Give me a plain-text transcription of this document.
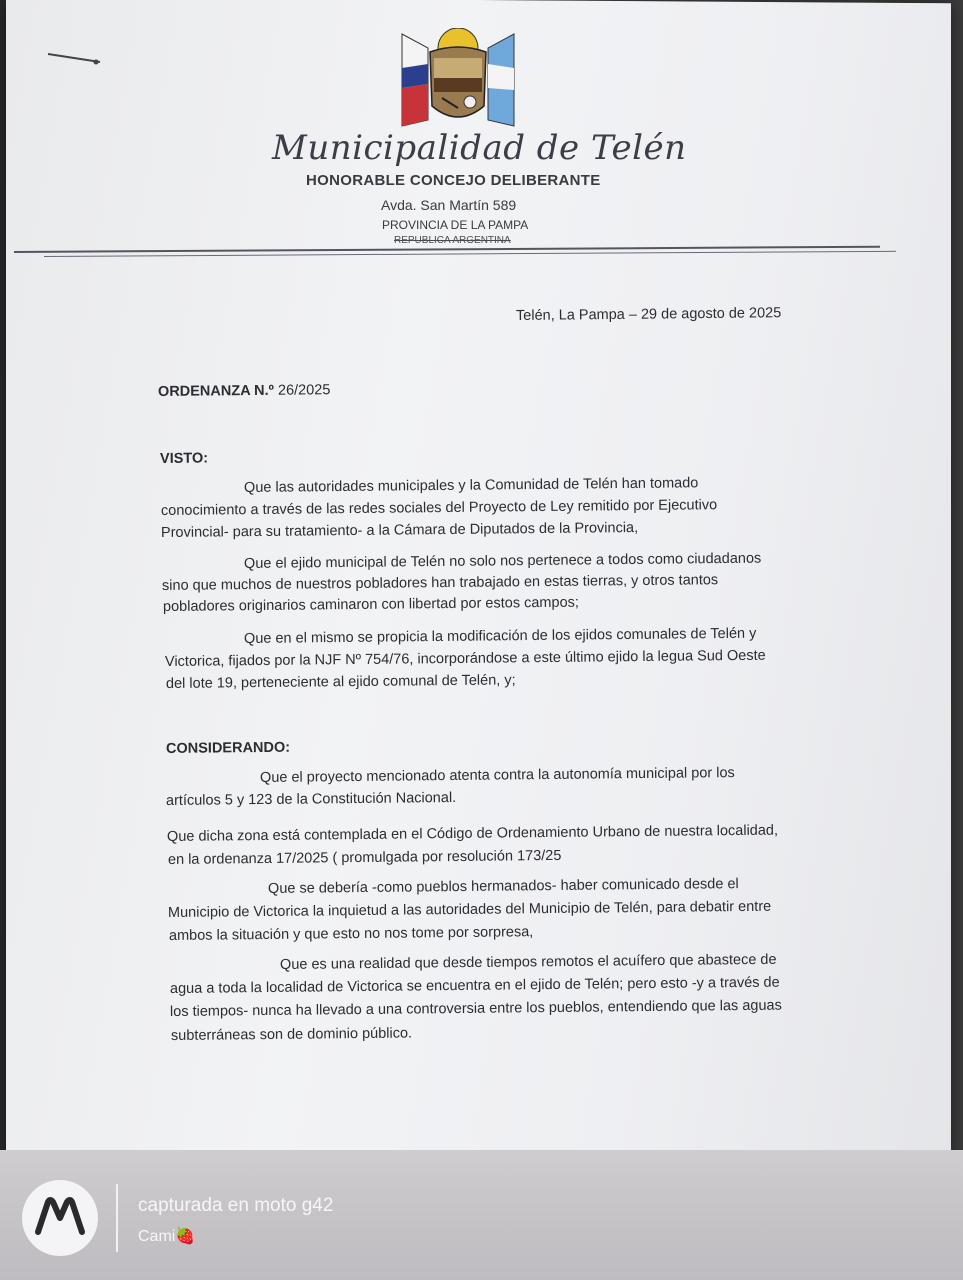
Municipalidad de Telén
HONORABLE CONCEJO DELIBERANTE
Avda. San Martín 589
PROVINCIA DE LA PAMPA
REPUBLICA ARGENTINA
Telén, La Pampa – 29 de agosto de 2025
ORDENANZA N.º 26/2025
VISTO:
Que las autoridades municipales y la Comunidad de Telén han tomado
conocimiento a través de las redes sociales del Proyecto de Ley remitido por Ejecutivo
Provincial- para su tratamiento- a la Cámara de Diputados de la Provincia,
Que el ejido municipal de Telén no solo nos pertenece a todos como ciudadanos
sino que muchos de nuestros pobladores han trabajado en estas tierras, y otros tantos
pobladores originarios caminaron con libertad por estos campos;
Que en el mismo se propicia la modificación de los ejidos comunales de Telén y
Victorica, fijados por la NJF Nº 754/76, incorporándose a este último ejido la legua Sud Oeste
del lote 19, perteneciente al ejido comunal de Telén, y;
CONSIDERANDO:
Que el proyecto mencionado atenta contra la autonomía municipal por los
artículos 5 y 123 de la Constitución Nacional.
Que dicha zona está contemplada en el Código de Ordenamiento Urbano de nuestra localidad,
en la ordenanza 17/2025 ( promulgada por resolución 173/25
Que se debería -como pueblos hermanados- haber comunicado desde el
Municipio de Victorica la inquietud a las autoridades del Municipio de Telén, para debatir entre
ambos la situación y que esto no nos tome por sorpresa,
Que es una realidad que desde tiempos remotos el acuífero que abastece de
agua a toda la localidad de Victorica se encuentra en el ejido de Telén; pero esto -y a través de
los tiempos- nunca ha llevado a una controversia entre los pueblos, entendiendo que las aguas
subterráneas son de dominio público.
capturada en moto g42
Cami🍓
